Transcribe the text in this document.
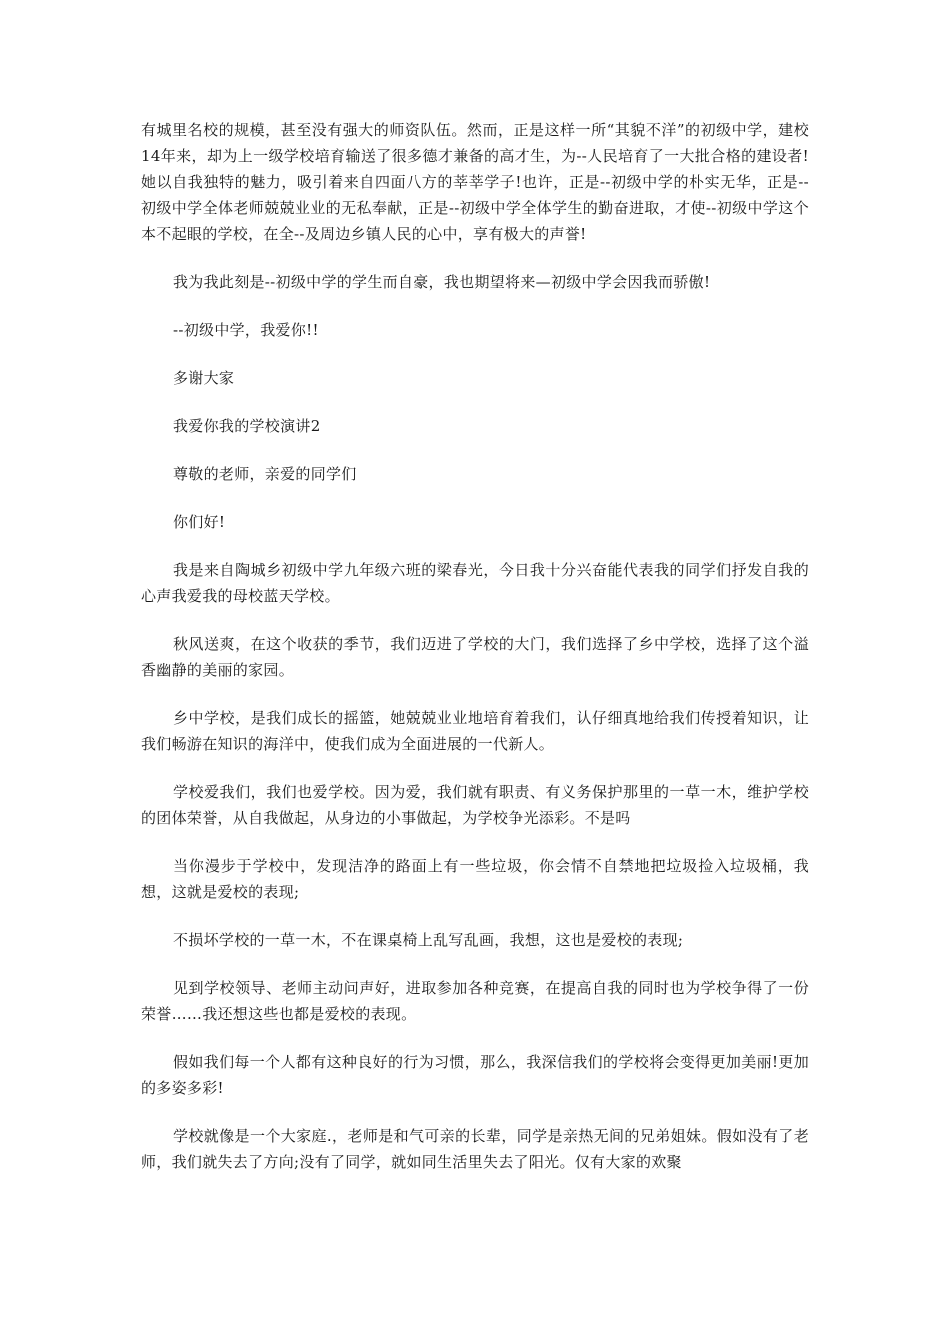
有城里名校的规模，甚至没有强大的师资队伍。然而，正是这样一所“其貌不洋”的初级中学，建校14年来，却为上一级学校培育输送了很多德才兼备的高才生，为--人民培育了一大批合格的建设者!她以自我独特的魅力，吸引着来自四面八方的莘莘学子!也许，正是--初级中学的朴实无华，正是--初级中学全体老师兢兢业业的无私奉献，正是--初级中学全体学生的勤奋进取，才使--初级中学这个本不起眼的学校，在全--及周边乡镇人民的心中，享有极大的声誉!

我为我此刻是--初级中学的学生而自豪，我也期望将来—初级中学会因我而骄傲!

--初级中学，我爱你!!

多谢大家

我爱你我的学校演讲2

尊敬的老师，亲爱的同学们

你们好!

我是来自陶城乡初级中学九年级六班的梁春光，今日我十分兴奋能代表我的同学们抒发自我的心声我爱我的母校蓝天学校。

秋风送爽，在这个收获的季节，我们迈进了学校的大门，我们选择了乡中学校，选择了这个溢香幽静的美丽的家园。

乡中学校，是我们成长的摇篮，她兢兢业业地培育着我们，认仔细真地给我们传授着知识，让我们畅游在知识的海洋中，使我们成为全面进展的一代新人。

学校爱我们，我们也爱学校。因为爱，我们就有职责、有义务保护那里的一草一木，维护学校的团体荣誉，从自我做起，从身边的小事做起，为学校争光添彩。不是吗

当你漫步于学校中，发现洁净的路面上有一些垃圾，你会情不自禁地把垃圾捡入垃圾桶，我想，这就是爱校的表现;

不损坏学校的一草一木，不在课桌椅上乱写乱画，我想，这也是爱校的表现;

见到学校领导、老师主动问声好，进取参加各种竞赛，在提高自我的同时也为学校争得了一份荣誉……我还想这些也都是爱校的表现。

假如我们每一个人都有这种良好的行为习惯，那么，我深信我们的学校将会变得更加美丽!更加的多姿多彩!

学校就像是一个大家庭.，老师是和气可亲的长辈，同学是亲热无间的兄弟姐妹。假如没有了老师，我们就失去了方向;没有了同学，就如同生活里失去了阳光。仅有大家的欢聚
